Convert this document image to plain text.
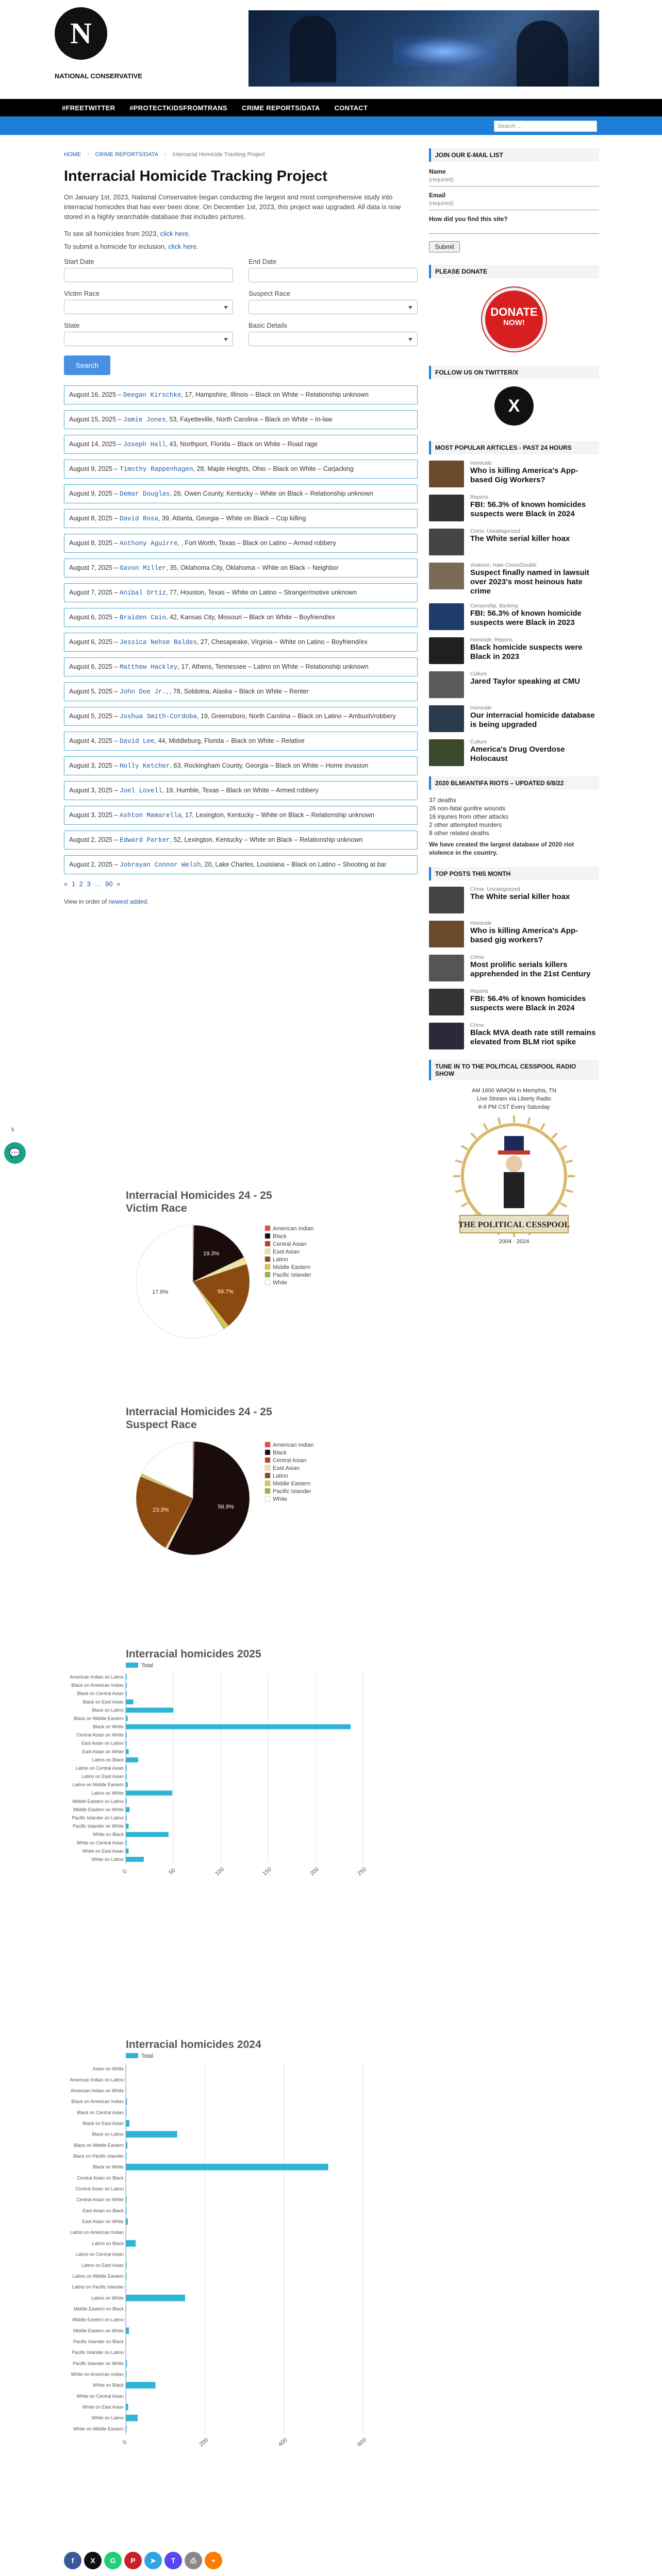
N
NATIONAL CONSERVATIVE
#FREETWITTER #PROTECTKIDSFROMTRANS CRIME REPORTS/DATA CONTACT
Search ...
HOME › CRIME REPORTS/DATA › Interracial Homicide Tracking Project
Interracial Homicide Tracking Project
On January 1st, 2023, National Conservative began conducting the largest and most comprehensive study into interracial homicides that has ever been done. On December 1st, 2023, this project was upgraded. All data is now stored in a highly searchable database that includes pictures.
To see all homicides from 2023, click here.
To submit a homicide for inclusion, click here.
Start Date	End Date
Victim Race	Suspect Race
State	Basic Details
Search
August 16, 2025 – Deegan Kirschke, 17, Hampshire, Illinois – Black on White – Relationship unknown
August 15, 2025 – Jamie Jones, 53, Fayetteville, North Carolina – Black on White – In-law
August 14, 2025 – Joseph Hall, 43, Northport, Florida – Black on White – Road rage
August 9, 2025 – Timothy Rappenhagen, 28, Maple Heights, Ohio – Black on White – Carjacking
August 9, 2025 – Demar Douglas, 26, Owen County, Kentucky – White on Black – Relationship unknown
August 8, 2025 – David Rosa, 39, Atlanta, Georgia – White on Black – Cop killing
August 8, 2025 – Anthony Aguirre, , Fort Worth, Texas – Black on Latino – Armed robbery
August 7, 2025 – Gavon Miller, 35, Oklahoma City, Oklahoma – White on Black – Neighbor
August 7, 2025 – Anibal Ortiz, 77, Houston, Texas – White on Latino – Stranger/motive unknown
August 6, 2025 – Braiden Cain, 42, Kansas City, Missouri – Black on White – Boyfriend/ex
August 6, 2025 – Jessica Nehse Baldes, 27, Chesapeake, Virginia – White on Latino – Boyfriend/ex
August 6, 2025 – Matthew Hackley, 17, Athens, Tennessee – Latino on White – Relationship unknown
August 5, 2025 – John Doe Jr., , 78, Soldotna, Alaska – Black on White – Renter
August 5, 2025 – Joshua Smith-Cordoba, 19, Greensboro, North Carolina – Black on Latino – Ambush/robbery
August 4, 2025 – David Lee, 44, Middleburg, Florida – Black on White – Relative
August 3, 2025 – Holly Ketcher, 63, Rockingham County, Georgia – Black on White – Home invasion
August 3, 2025 – Joel Lovell, 19, Humble, Texas – Black on White – Armed robbery
August 3, 2025 – Ashton Mamarella, 17, Lexington, Kentucky – White on Black – Relationship unknown
August 2, 2025 – Edward Parker, 52, Lexington, Kentucky – White on Black – Relationship unknown
August 2, 2025 – Jobrayan Connor Welsh, 20, Lake Charles, Louisiana – Black on Latino – Shooting at bar
« 1 2 3 … 90 »
View in order of newest added.
Interracial Homicides 24 - 25 Victim Race
17.6%	59.7%
19.3%
American Indian
Black
Central Asian
East Asian
Latino
Middle Eastern
Pacific Islander
White
Interracial Homicides 24 - 25 Suspect Race
56.9%
23.3%
American Indian
Black
Central Asian
East Asian
Latino
Middle Eastern
Pacific Islander
White
Interracial homicides 2025
Total
0	50	100	150	200	250
American Indian on Latino
Black on American Indian
Black on Central Asian
Black on East Asian
Black on Latino
Black on Middle Eastern
Black on White
Central Asian on White
East Asian on Latino
East Asian on White
Latino on Black
Latino on Central Asian
Latino on East Asian
Latino on Middle Eastern
Latino on White
Middle Eastern on Latino
Middle Eastern on White
Pacific Islander on Latino
Pacific Islander on White
White on Black
White on Central Asian
White on East Asian
White on Latino
Interracial homicides 2024
Total
0	200	400	600
Asian on White
American Indian on Latino
American Indian on White
Black on American Indian
Black on Central Asian
Black on East Asian
Black on Latino
Black on Middle Eastern
Black on Pacific Islander
Black on White
Central Asian on Black
Central Asian on Latino
Central Asian on White
East Asian on Black
East Asian on White
Latino on American Indian
Latino on Black
Latino on Central Asian
Latino on East Asian
Latino on Middle Eastern
Latino on Pacific Islander
Latino on White
Middle Eastern on Black
Middle Eastern on Latino
Middle Eastern on White
Pacific Islander on Black
Pacific Islander on Latino
Pacific Islander on White
White on American Indian
White on Black
White on Central Asian
White on East Asian
White on Latino
White on Middle Eastern
f	X	G	P	➤	T	⎙	+
JOIN OUR E-MAIL LIST
Name
(required)
Email
(required)
How did you find this site?
Submit
PLEASE DONATE
DONATE
NOW!
FOLLOW US ON TWITTER/X
X
MOST POPULAR ARTICLES - PAST 24 HOURS
Homicide
Who is killing America's App-based Gig Workers?
Reports
FBI: 56.3% of known homicides suspects were Black in 2024
Crime, Uncategorized
The White serial killer hoax
Violence, Hate Crime/Double
Suspect finally named in lawsuit over 2023's most heinous hate crime
Censorship, Banking
FBI: 56.3% of known homicide suspects were Black in 2023
Homicide, Reports
Black homicide suspects were Black in 2023
Culture
Jared Taylor speaking at CMU
Homicide
Our interracial homicide database is being upgraded
Culture
America's Drug Overdose Holocaust
2020 BLM/ANTIFA RIOTS – UPDATED 6/8/22
37 deaths
26 non-fatal gunfire wounds
16 injuries from other attacks
2 other attempted murders
8 other related deaths
We have created the largest database of 2020 riot violence in the country.
TOP POSTS THIS MONTH
Crime, Uncategorized
The White serial killer hoax
Homicide
Who is killing America's App-based gig workers?
Crime
Most prolific serials killers apprehended in the 21st Century
Reports
FBI: 56.4% of known homicides suspects were Black in 2024
Crime
Black MVA death rate still remains elevated from BLM riot spike
TUNE IN TO THE POLITICAL CESSPOOL RADIO SHOW
AM 1600 WMQM in Memphis, TN
Live Stream via Liberty Radio
6-9 PM CST Every Saturday
THE POLITICAL CESSPOOL
2004 · 2024
5
💬
